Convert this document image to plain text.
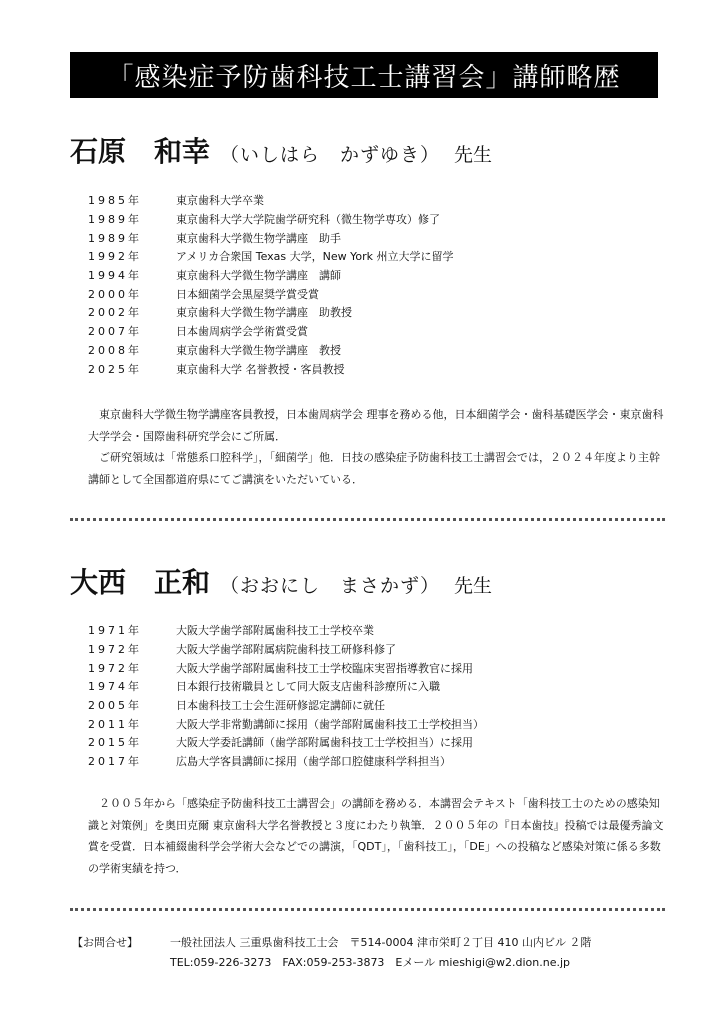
「感染症予防歯科技工士講習会」講師略歴
石原　和幸 （いしはら　かずゆき） 先生
1985年	東京歯科大学卒業
1989年	東京歯科大学大学院歯学研究科（微生物学専攻）修了
1989年	東京歯科大学微生物学講座　助手
1992年	アメリカ合衆国 Texas 大学，New York 州立大学に留学
1994年	東京歯科大学微生物学講座　講師
2000年	日本細菌学会黒屋奨学賞受賞
2002年	東京歯科大学微生物学講座　助教授
2007年	日本歯周病学会学術賞受賞
2008年	東京歯科大学微生物学講座　教授
2025年	東京歯科大学 名誉教授・客員教授

東京歯科大学微生物学講座客員教授，日本歯周病学会 理事を務める他，日本細菌学会・歯科基礎医学会・東京歯科大学学会・国際歯科研究学会にご所属．

ご研究領域は「常態系口腔科学」，「細菌学」他．日技の感染症予防歯科技工士講習会では，２０２４年度より主幹講師として全国都道府県にてご講演をいただいている．

大西　正和 （おおにし　まさかず） 先生
1971年	大阪大学歯学部附属歯科技工士学校卒業
1972年	大阪大学歯学部附属病院歯科技工研修科修了
1972年	大阪大学歯学部附属歯科技工士学校臨床実習指導教官に採用
1974年	日本銀行技術職員として同大阪支店歯科診療所に入職
2005年	日本歯科技工士会生涯研修認定講師に就任
2011年	大阪大学非常勤講師に採用（歯学部附属歯科技工士学校担当）
2015年	大阪大学委託講師（歯学部附属歯科技工士学校担当）に採用
2017年	広島大学客員講師に採用（歯学部口腔健康科学科担当）

２００５年から「感染症予防歯科技工士講習会」の講師を務める．本講習会テキスト「歯科技工士のための感染知識と対策例」を奥田克爾 東京歯科大学名誉教授と３度にわたり執筆．２００５年の『日本歯技』投稿では最優秀論文賞を受賞．日本補綴歯科学会学術大会などでの講演，「QDT」，「歯科技工」，「DE」への投稿など感染対策に係る多数の学術実績を持つ．

【お問合せ】	一般社団法人 三重県歯科技工士会　〒514-0004 津市栄町２丁目 410 山内ビル ２階
TEL:059-226-3273　FAX:059-253-3873　Eメール mieshigi@w2.dion.ne.jp
